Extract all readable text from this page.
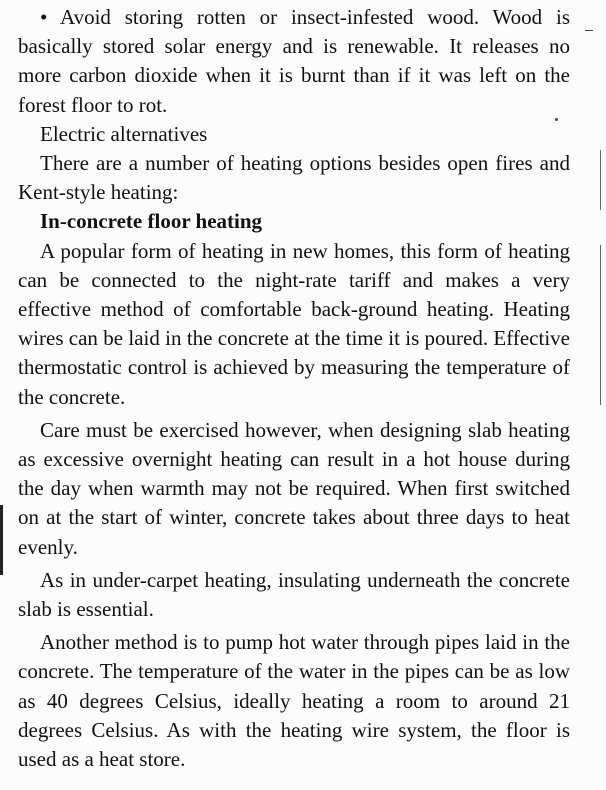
• Avoid storing rotten or insect-infested wood. Wood is basically stored solar energy and is renewable. It releases no more carbon dioxide when it is burnt than if it was left on the forest floor to rot.

Electric alternatives

There are a number of heating options besides open fires and Kent-style heating:

In-concrete floor heating

A popular form of heating in new homes, this form of heating can be connected to the night-rate tariff and makes a very effective method of comfortable back-ground heating. Heating wires can be laid in the concrete at the time it is poured. Effective thermostatic control is achieved by measuring the temperature of the concrete.

Care must be exercised however, when designing slab heating as excessive overnight heating can result in a hot house during the day when warmth may not be required. When first switched on at the start of winter, concrete takes about three days to heat evenly.

As in under-carpet heating, insulating underneath the concrete slab is essential.

Another method is to pump hot water through pipes laid in the concrete. The temperature of the water in the pipes can be as low as 40 degrees Celsius, ideally heating a room to around 21 degrees Celsius. As with the heating wire system, the floor is used as a heat store.
